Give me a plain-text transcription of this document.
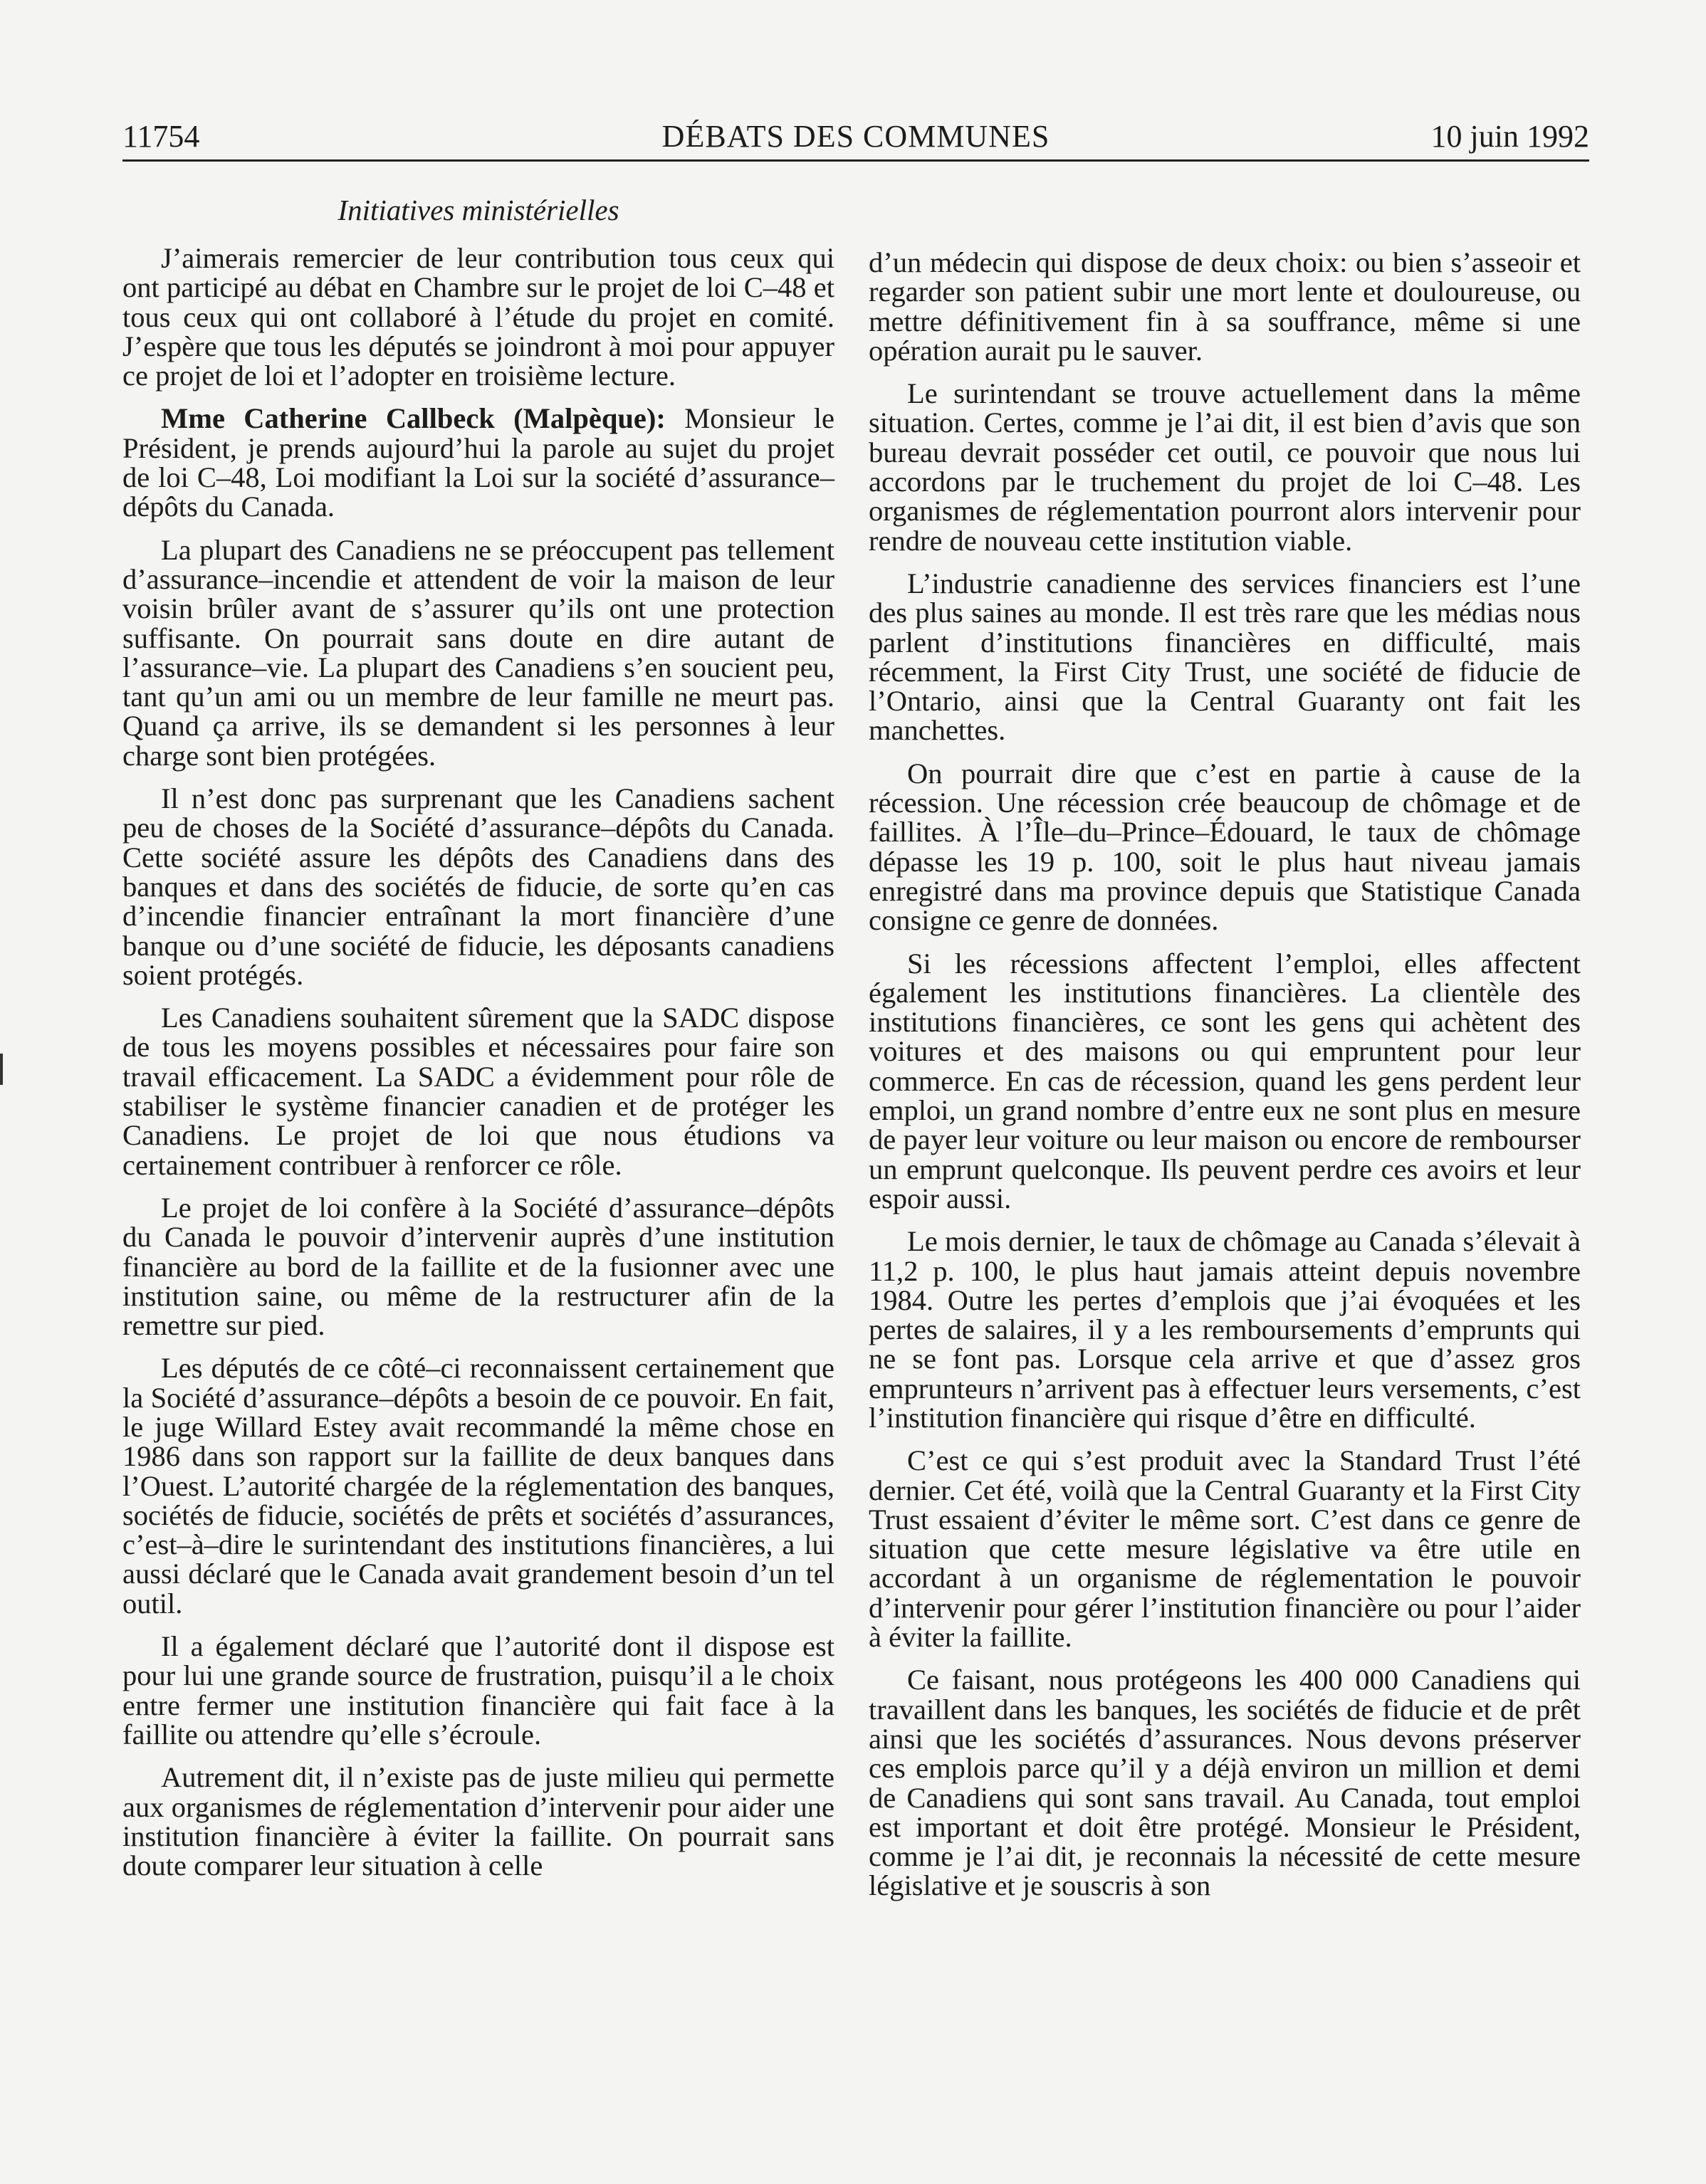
11754	DÉBATS DES COMMUNES	10 juin 1992
Initiatives ministérielles

J’aimerais remercier de leur contribution tous ceux qui ont participé au débat en Chambre sur le projet de loi C–48 et tous ceux qui ont collaboré à l’étude du projet en comité. J’espère que tous les députés se joindront à moi pour appuyer ce projet de loi et l’adopter en troisième lecture.

Mme Catherine Callbeck (Malpèque): Monsieur le Président, je prends aujourd’hui la parole au sujet du projet de loi C–48, Loi modifiant la Loi sur la société d’assurance–dépôts du Canada.

La plupart des Canadiens ne se préoccupent pas tellement d’assurance–incendie et attendent de voir la maison de leur voisin brûler avant de s’assurer qu’ils ont une protection suffisante. On pourrait sans doute en dire autant de l’assurance–vie. La plupart des Canadiens s’en soucient peu, tant qu’un ami ou un membre de leur famille ne meurt pas. Quand ça arrive, ils se demandent si les personnes à leur charge sont bien protégées.

Il n’est donc pas surprenant que les Canadiens sachent peu de choses de la Société d’assurance–dépôts du Canada. Cette société assure les dépôts des Canadiens dans des banques et dans des sociétés de fiducie, de sorte qu’en cas d’incendie financier entraînant la mort financière d’une banque ou d’une société de fiducie, les déposants canadiens soient protégés.

Les Canadiens souhaitent sûrement que la SADC dispose de tous les moyens possibles et nécessaires pour faire son travail efficacement. La SADC a évidemment pour rôle de stabiliser le système financier canadien et de protéger les Canadiens. Le projet de loi que nous étudions va certainement contribuer à renforcer ce rôle.

Le projet de loi confère à la Société d’assurance–dépôts du Canada le pouvoir d’intervenir auprès d’une institution financière au bord de la faillite et de la fusionner avec une institution saine, ou même de la restructurer afin de la remettre sur pied.

Les députés de ce côté–ci reconnaissent certainement que la Société d’assurance–dépôts a besoin de ce pouvoir. En fait, le juge Willard Estey avait recommandé la même chose en 1986 dans son rapport sur la faillite de deux banques dans l’Ouest. L’autorité chargée de la réglementation des banques, sociétés de fiducie, sociétés de prêts et sociétés d’assurances, c’est–à–dire le surintendant des institutions financières, a lui aussi déclaré que le Canada avait grandement besoin d’un tel outil.

Il a également déclaré que l’autorité dont il dispose est pour lui une grande source de frustration, puisqu’il a le choix entre fermer une institution financière qui fait face à la faillite ou attendre qu’elle s’écroule.

Autrement dit, il n’existe pas de juste milieu qui permette aux organismes de réglementation d’intervenir pour aider une institution financière à éviter la faillite. On pourrait sans doute comparer leur situation à celle

d’un médecin qui dispose de deux choix: ou bien s’asseoir et regarder son patient subir une mort lente et douloureuse, ou mettre définitivement fin à sa souffrance, même si une opération aurait pu le sauver.

Le surintendant se trouve actuellement dans la même situation. Certes, comme je l’ai dit, il est bien d’avis que son bureau devrait posséder cet outil, ce pouvoir que nous lui accordons par le truchement du projet de loi C–48. Les organismes de réglementation pourront alors intervenir pour rendre de nouveau cette institution viable.

L’industrie canadienne des services financiers est l’une des plus saines au monde. Il est très rare que les médias nous parlent d’institutions financières en difficulté, mais récemment, la First City Trust, une société de fiducie de l’Ontario, ainsi que la Central Guaranty ont fait les manchettes.

On pourrait dire que c’est en partie à cause de la récession. Une récession crée beaucoup de chômage et de faillites. À l’Île–du–Prince–Édouard, le taux de chômage dépasse les 19 p. 100, soit le plus haut niveau jamais enregistré dans ma province depuis que Statistique Canada consigne ce genre de données.

Si les récessions affectent l’emploi, elles affectent également les institutions financières. La clientèle des institutions financières, ce sont les gens qui achètent des voitures et des maisons ou qui empruntent pour leur commerce. En cas de récession, quand les gens perdent leur emploi, un grand nombre d’entre eux ne sont plus en mesure de payer leur voiture ou leur maison ou encore de rembourser un emprunt quelconque. Ils peuvent perdre ces avoirs et leur espoir aussi.

Le mois dernier, le taux de chômage au Canada s’élevait à 11,2 p. 100, le plus haut jamais atteint depuis novembre 1984. Outre les pertes d’emplois que j’ai évoquées et les pertes de salaires, il y a les remboursements d’emprunts qui ne se font pas. Lorsque cela arrive et que d’assez gros emprunteurs n’arrivent pas à effectuer leurs versements, c’est l’institution financière qui risque d’être en difficulté.

C’est ce qui s’est produit avec la Standard Trust l’été dernier. Cet été, voilà que la Central Guaranty et la First City Trust essaient d’éviter le même sort. C’est dans ce genre de situation que cette mesure législative va être utile en accordant à un organisme de réglementation le pouvoir d’intervenir pour gérer l’institution financière ou pour l’aider à éviter la faillite.

Ce faisant, nous protégeons les 400 000 Canadiens qui travaillent dans les banques, les sociétés de fiducie et de prêt ainsi que les sociétés d’assurances. Nous devons préserver ces emplois parce qu’il y a déjà environ un million et demi de Canadiens qui sont sans travail. Au Canada, tout emploi est important et doit être protégé. Monsieur le Président, comme je l’ai dit, je reconnais la nécessité de cette mesure législative et je souscris à son
